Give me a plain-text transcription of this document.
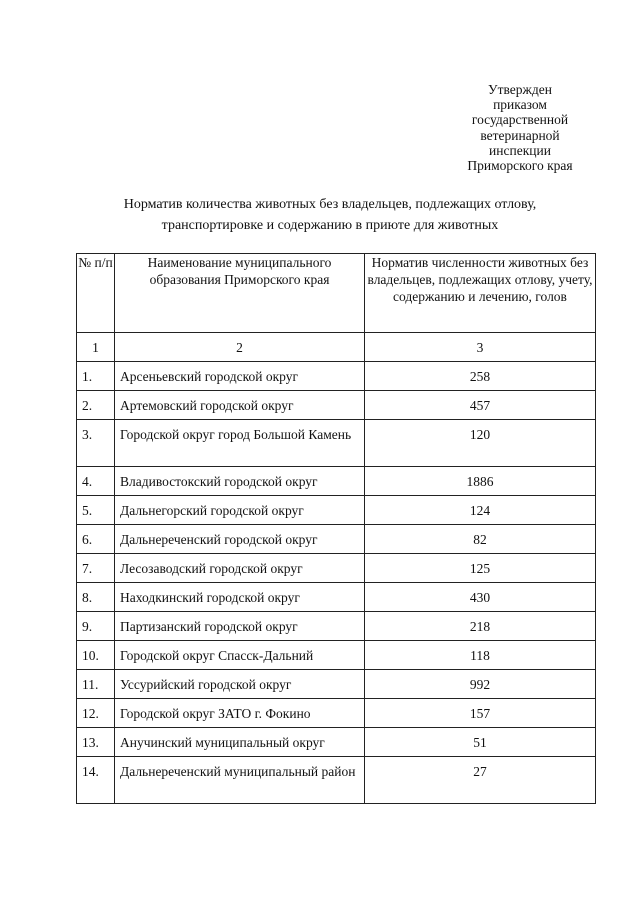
Утвержден
приказом
государственной
ветеринарной
инспекции
Приморского края
Норматив количества животных без владельцев, подлежащих отлову,
транспортировке и содержанию в приюте для животных
№ п/п	Наименование муниципального образования Приморского края	Норматив численности животных без владельцев, подлежащих отлову, учету, содержанию и лечению, голов
1	2	3
1.	Арсеньевский городской округ	258
2.	Артемовский городской округ	457
3.	Городской округ город Большой Камень	120
4.	Владивостокский городской округ	1886
5.	Дальнегорский городской округ	124
6.	Дальнереченский городской округ	82
7.	Лесозаводский городской округ	125
8.	Находкинский городской округ	430
9.	Партизанский городской округ	218
10.	Городской округ Спасск-Дальний	118
11.	Уссурийский городской округ	992
12.	Городской округ ЗАТО г. Фокино	157
13.	Анучинский муниципальный округ	51
14.	Дальнереченский муниципальный район	27
